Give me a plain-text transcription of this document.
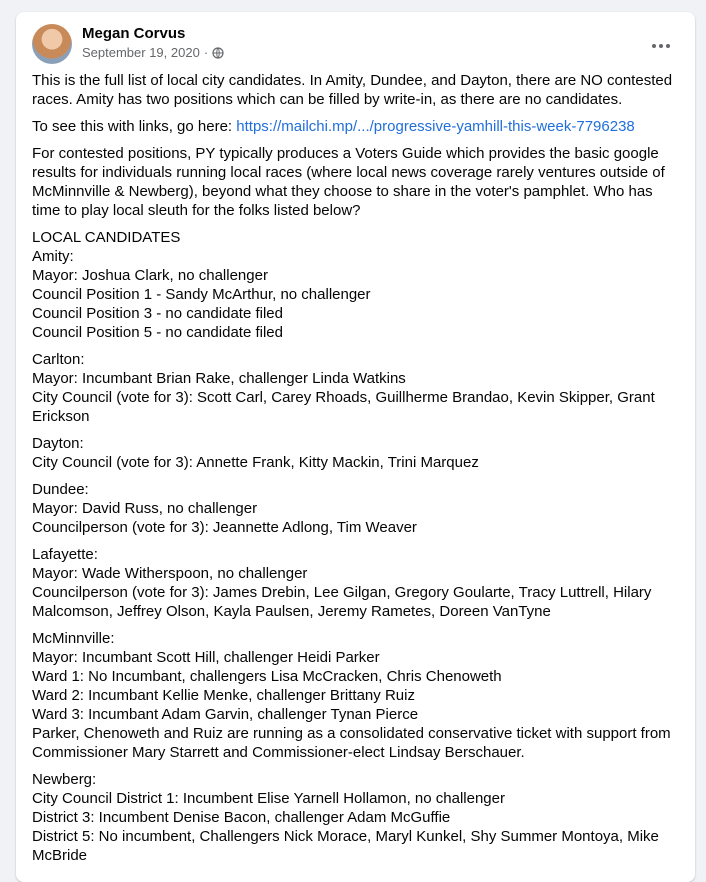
Megan Corvus
September 19, 2020 ·

This is the full list of local city candidates. In Amity, Dundee, and Dayton, there are NO contested races. Amity has two positions which can be filled by write-in, as there are no candidates.

To see this with links, go here: https://mailchi.mp/.../progressive-yamhill-this-week-7796238

For contested positions, PY typically produces a Voters Guide which provides the basic google results for individuals running local races (where local news coverage rarely ventures outside of McMinnville & Newberg), beyond what they choose to share in the voter's pamphlet. Who has time to play local sleuth for the folks listed below?

LOCAL CANDIDATES
Amity:
Mayor: Joshua Clark, no challenger
Council Position 1 - Sandy McArthur, no challenger
Council Position 3 - no candidate filed
Council Position 5 - no candidate filed
Carlton:
Mayor: Incumbant Brian Rake, challenger Linda Watkins
City Council (vote for 3): Scott Carl, Carey Rhoads, Guillherme Brandao, Kevin Skipper, Grant Erickson
Dayton:
City Council (vote for 3): Annette Frank, Kitty Mackin, Trini Marquez
Dundee:
Mayor: David Russ, no challenger
Councilperson (vote for 3): Jeannette Adlong, Tim Weaver
Lafayette:
Mayor: Wade Witherspoon, no challenger
Councilperson (vote for 3): James Drebin, Lee Gilgan, Gregory Goularte, Tracy Luttrell, Hilary Malcomson, Jeffrey Olson, Kayla Paulsen, Jeremy Rametes, Doreen VanTyne
McMinnville:
Mayor: Incumbant Scott Hill, challenger Heidi Parker
Ward 1: No Incumbant, challengers Lisa McCracken, Chris Chenoweth
Ward 2: Incumbant Kellie Menke, challenger Brittany Ruiz
Ward 3: Incumbant Adam Garvin, challenger Tynan Pierce
Parker, Chenoweth and Ruiz are running as a consolidated conservative ticket with support from Commissioner Mary Starrett and Commissioner-elect Lindsay Berschauer.
Newberg:
City Council District 1: Incumbent Elise Yarnell Hollamon, no challenger
District 3: Incumbent Denise Bacon, challenger Adam McGuffie
District 5: No incumbent, Challengers Nick Morace, Maryl Kunkel, Shy Summer Montoya, Mike McBride
